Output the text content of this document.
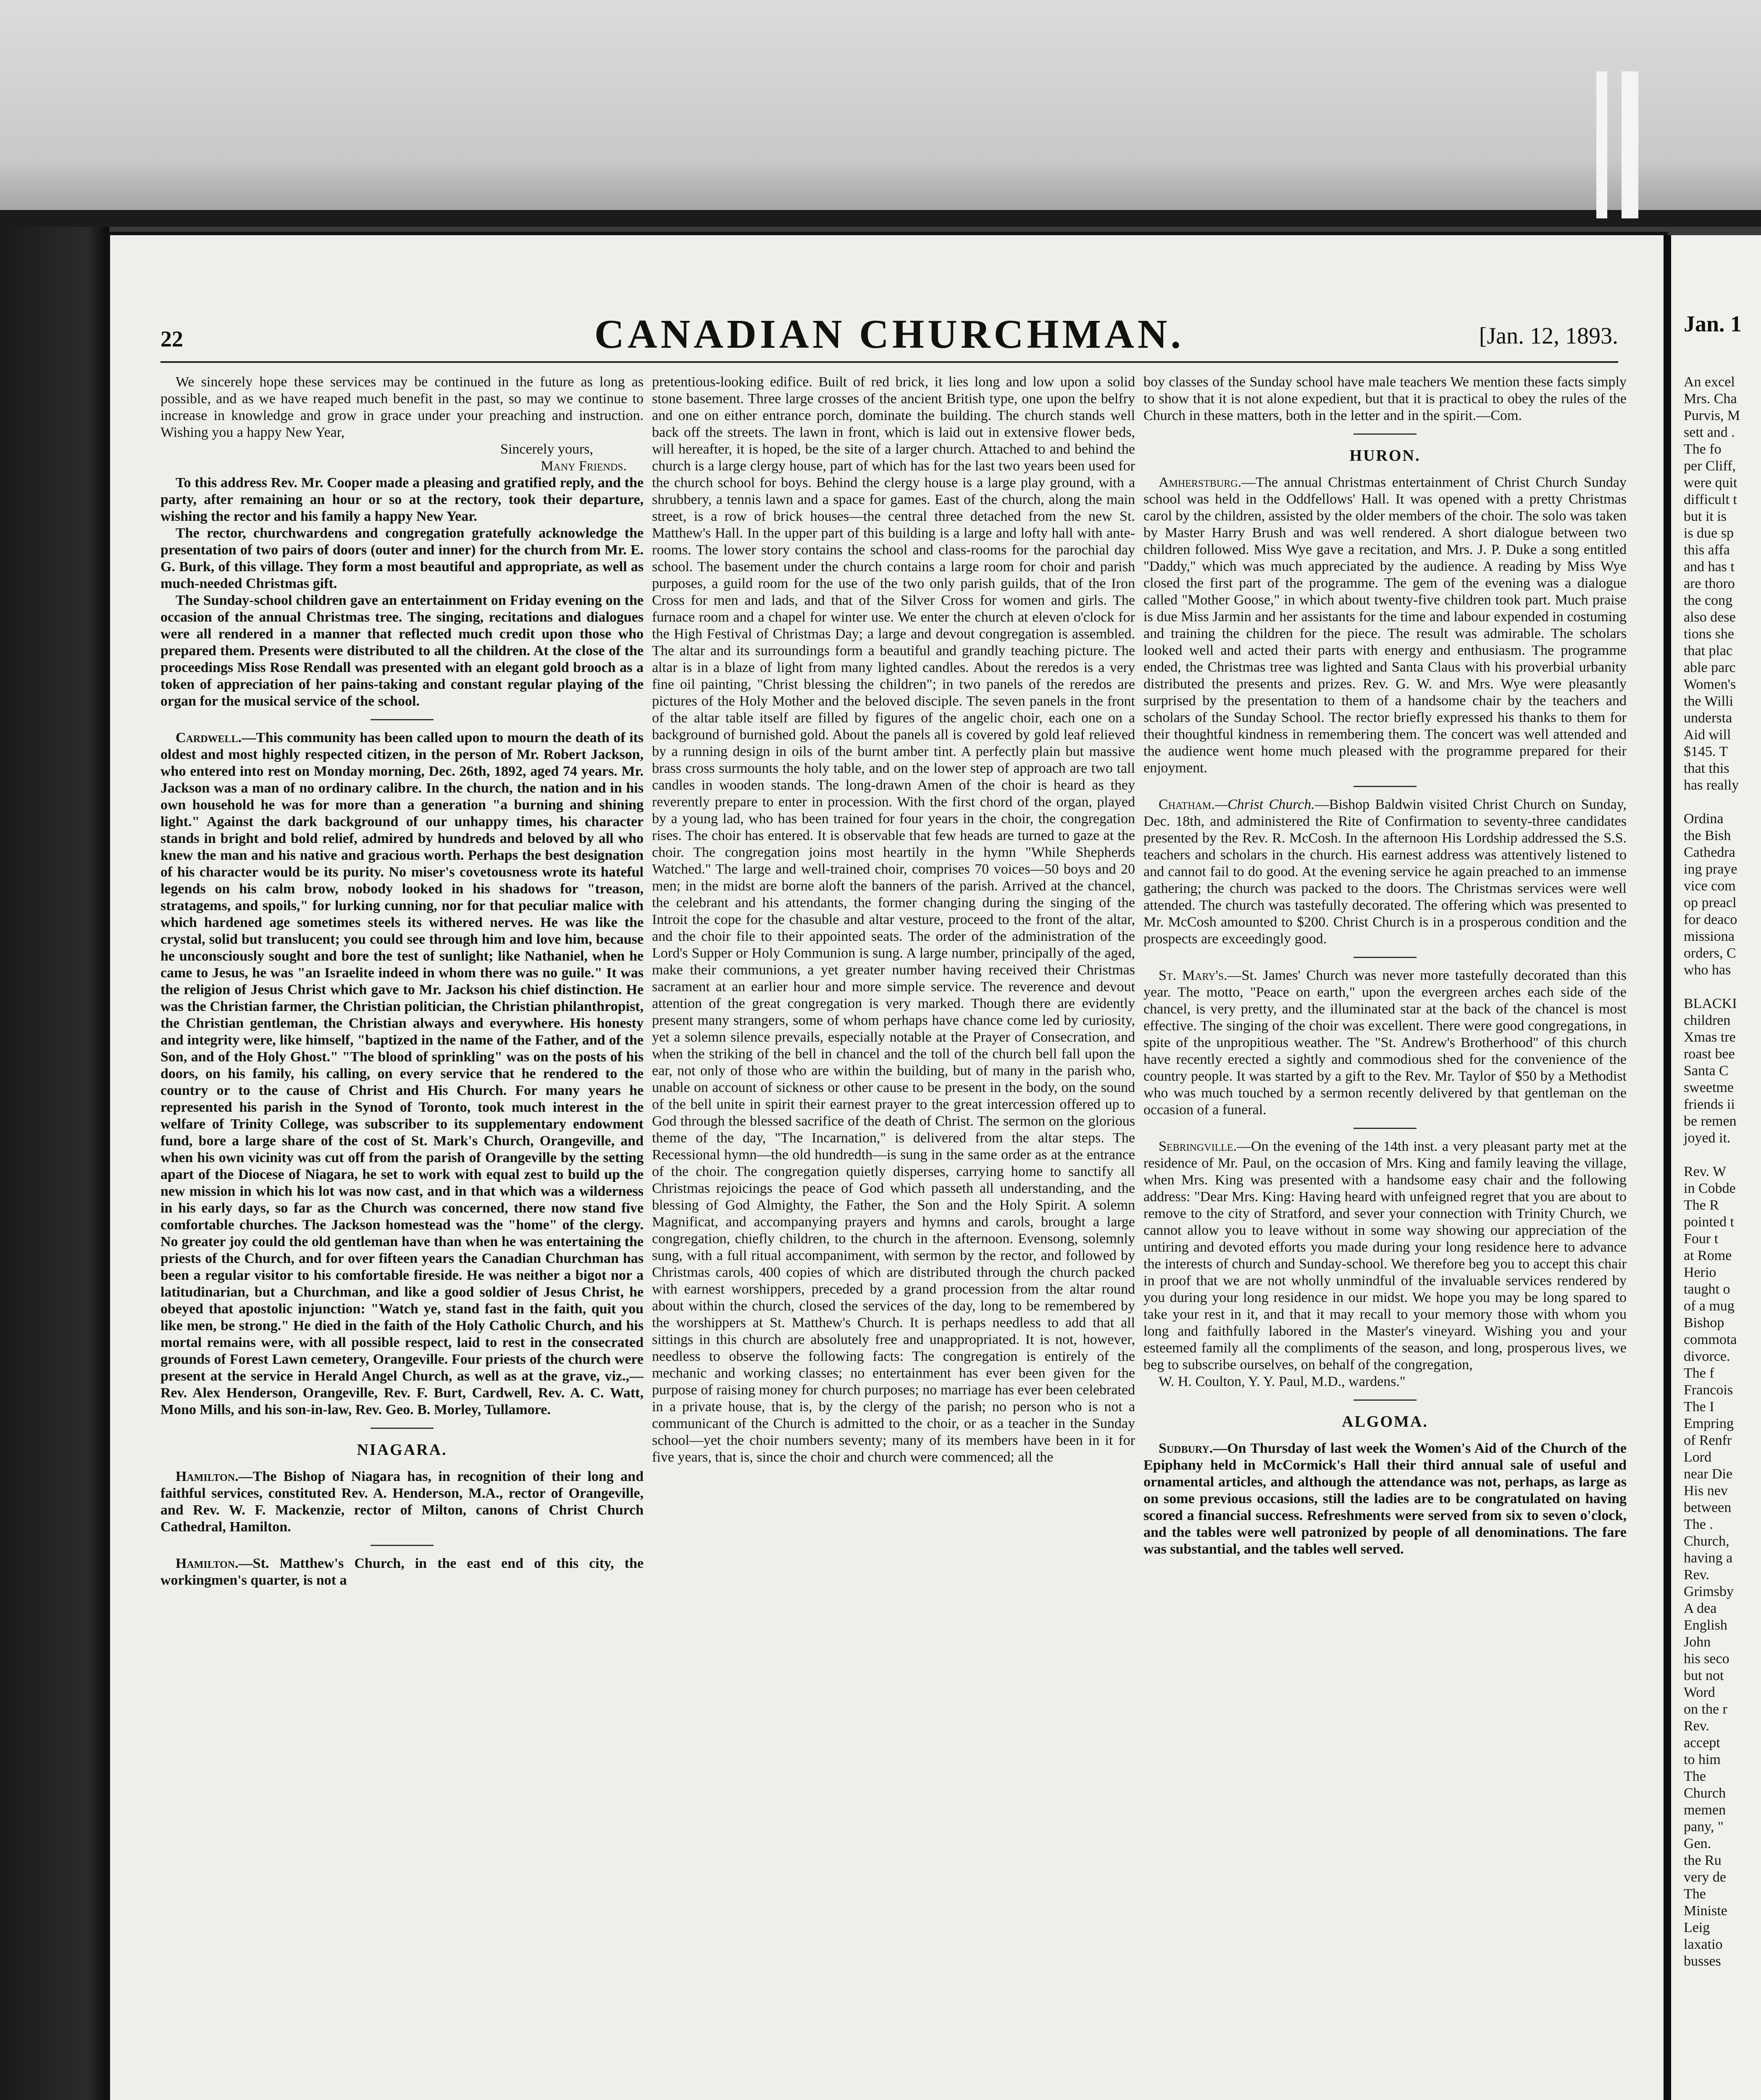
22	CANADIAN CHURCHMAN.	[Jan. 12, 1893.

We sincerely hope these services may be continued in the future as long as possible, and as we have reaped much benefit in the past, so may we continue to increase in knowledge and grow in grace under your preaching and instruction. Wishing you a happy New Year,

Sincerely yours,

Many Friends.

To this address Rev. Mr. Cooper made a pleasing and gratified reply, and the party, after remaining an hour or so at the rectory, took their departure, wishing the rector and his family a happy New Year.

The rector, churchwardens and congregation gratefully acknowledge the presentation of two pairs of doors (outer and inner) for the church from Mr. E. G. Burk, of this village. They form a most beautiful and appropriate, as well as much-needed Christmas gift.

The Sunday-school children gave an entertainment on Friday evening on the occasion of the annual Christmas tree. The singing, recitations and dialogues were all rendered in a manner that reflected much credit upon those who prepared them. Presents were distributed to all the children. At the close of the proceedings Miss Rose Rendall was presented with an elegant gold brooch as a token of appreciation of her pains-taking and constant regular playing of the organ for the musical service of the school.

Cardwell.—This community has been called upon to mourn the death of its oldest and most highly respected citizen, in the person of Mr. Robert Jackson, who entered into rest on Monday morning, Dec. 26th, 1892, aged 74 years. Mr. Jackson was a man of no ordinary calibre. In the church, the nation and in his own household he was for more than a generation "a burning and shining light." Against the dark background of our unhappy times, his character stands in bright and bold relief, admired by hundreds and beloved by all who knew the man and his native and gracious worth. Perhaps the best designation of his character would be its purity. No miser's covetousness wrote its hateful legends on his calm brow, nobody looked in his shadows for "treason, stratagems, and spoils," for lurking cunning, nor for that peculiar malice with which hardened age sometimes steels its withered nerves. He was like the crystal, solid but translucent; you could see through him and love him, because he unconsciously sought and bore the test of sunlight; like Nathaniel, when he came to Jesus, he was "an Israelite indeed in whom there was no guile." It was the religion of Jesus Christ which gave to Mr. Jackson his chief distinction. He was the Christian farmer, the Christian politician, the Christian philanthropist, the Christian gentleman, the Christian always and everywhere. His honesty and integrity were, like himself, "baptized in the name of the Father, and of the Son, and of the Holy Ghost." "The blood of sprinkling" was on the posts of his doors, on his family, his calling, on every service that he rendered to the country or to the cause of Christ and His Church. For many years he represented his parish in the Synod of Toronto, took much interest in the welfare of Trinity College, was subscriber to its supplementary endowment fund, bore a large share of the cost of St. Mark's Church, Orangeville, and when his own vicinity was cut off from the parish of Orangeville by the setting apart of the Diocese of Niagara, he set to work with equal zest to build up the new mission in which his lot was now cast, and in that which was a wilderness in his early days, so far as the Church was concerned, there now stand five comfortable churches. The Jackson homestead was the "home" of the clergy. No greater joy could the old gentleman have than when he was entertaining the priests of the Church, and for over fifteen years the Canadian Churchman has been a regular visitor to his comfortable fireside. He was neither a bigot nor a latitudinarian, but a Churchman, and like a good soldier of Jesus Christ, he obeyed that apostolic injunction: "Watch ye, stand fast in the faith, quit you like men, be strong." He died in the faith of the Holy Catholic Church, and his mortal remains were, with all possible respect, laid to rest in the consecrated grounds of Forest Lawn cemetery, Orangeville. Four priests of the church were present at the service in Herald Angel Church, as well as at the grave, viz.,—Rev. Alex Henderson, Orangeville, Rev. F. Burt, Cardwell, Rev. A. C. Watt, Mono Mills, and his son-in-law, Rev. Geo. B. Morley, Tullamore.

NIAGARA.

Hamilton.—The Bishop of Niagara has, in recognition of their long and faithful services, constituted Rev. A. Henderson, M.A., rector of Orangeville, and Rev. W. F. Mackenzie, rector of Milton, canons of Christ Church Cathedral, Hamilton.

Hamilton.—St. Matthew's Church, in the east end of this city, the workingmen's quarter, is not a

pretentious-looking edifice. Built of red brick, it lies long and low upon a solid stone basement. Three large crosses of the ancient British type, one upon the belfry and one on either entrance porch, dominate the building. The church stands well back off the streets. The lawn in front, which is laid out in extensive flower beds, will hereafter, it is hoped, be the site of a larger church. Attached to and behind the church is a large clergy house, part of which has for the last two years been used for the church school for boys. Behind the clergy house is a large play ground, with a shrubbery, a tennis lawn and a space for games. East of the church, along the main street, is a row of brick houses—the central three detached from the new St. Matthew's Hall. In the upper part of this building is a large and lofty hall with ante-rooms. The lower story contains the school and class-rooms for the parochial day school. The basement under the church contains a large room for choir and parish purposes, a guild room for the use of the two only parish guilds, that of the Iron Cross for men and lads, and that of the Silver Cross for women and girls. The furnace room and a chapel for winter use. We enter the church at eleven o'clock for the High Festival of Christmas Day; a large and devout congregation is assembled. The altar and its surroundings form a beautiful and grandly teaching picture. The altar is in a blaze of light from many lighted candles. About the reredos is a very fine oil painting, "Christ blessing the children"; in two panels of the reredos are pictures of the Holy Mother and the beloved disciple. The seven panels in the front of the altar table itself are filled by figures of the angelic choir, each one on a background of burnished gold. About the panels all is covered by gold leaf relieved by a running design in oils of the burnt amber tint. A perfectly plain but massive brass cross surmounts the holy table, and on the lower step of approach are two tall candles in wooden stands. The long-drawn Amen of the choir is heard as they reverently prepare to enter in procession. With the first chord of the organ, played by a young lad, who has been trained for four years in the choir, the congregation rises. The choir has entered. It is observable that few heads are turned to gaze at the choir. The congregation joins most heartily in the hymn "While Shepherds Watched." The large and well-trained choir, comprises 70 voices—50 boys and 20 men; in the midst are borne aloft the banners of the parish. Arrived at the chancel, the celebrant and his attendants, the former changing during the singing of the Introit the cope for the chasuble and altar vesture, proceed to the front of the altar, and the choir file to their appointed seats. The order of the administration of the Lord's Supper or Holy Communion is sung. A large number, principally of the aged, make their communions, a yet greater number having received their Christmas sacrament at an earlier hour and more simple service. The reverence and devout attention of the great congregation is very marked. Though there are evidently present many strangers, some of whom perhaps have chance come led by curiosity, yet a solemn silence prevails, especially notable at the Prayer of Consecration, and when the striking of the bell in chancel and the toll of the church bell fall upon the ear, not only of those who are within the building, but of many in the parish who, unable on account of sickness or other cause to be present in the body, on the sound of the bell unite in spirit their earnest prayer to the great intercession offered up to God through the blessed sacrifice of the death of Christ. The sermon on the glorious theme of the day, "The Incarnation," is delivered from the altar steps. The Recessional hymn—the old hundredth—is sung in the same order as at the entrance of the choir. The congregation quietly disperses, carrying home to sanctify all Christmas rejoicings the peace of God which passeth all understanding, and the blessing of God Almighty, the Father, the Son and the Holy Spirit. A solemn Magnificat, and accompanying prayers and hymns and carols, brought a large congregation, chiefly children, to the church in the afternoon. Evensong, solemnly sung, with a full ritual accompaniment, with sermon by the rector, and followed by Christmas carols, 400 copies of which are distributed through the church packed with earnest worshippers, preceded by a grand procession from the altar round about within the church, closed the services of the day, long to be remembered by the worshippers at St. Matthew's Church. It is perhaps needless to add that all sittings in this church are absolutely free and unappropriated. It is not, however, needless to observe the following facts: The congregation is entirely of the mechanic and working classes; no entertainment has ever been given for the purpose of raising money for church purposes; no marriage has ever been celebrated in a private house, that is, by the clergy of the parish; no person who is not a communicant of the Church is admitted to the choir, or as a teacher in the Sunday school—yet the choir numbers seventy; many of its members have been in it for five years, that is, since the choir and church were commenced; all the

boy classes of the Sunday school have male teachers We mention these facts simply to show that it is not alone expedient, but that it is practical to obey the rules of the Church in these matters, both in the letter and in the spirit.—Com.

HURON.

Amherstburg.—The annual Christmas entertainment of Christ Church Sunday school was held in the Oddfellows' Hall. It was opened with a pretty Christmas carol by the children, assisted by the older members of the choir. The solo was taken by Master Harry Brush and was well rendered. A short dialogue between two children followed. Miss Wye gave a recitation, and Mrs. J. P. Duke a song entitled "Daddy," which was much appreciated by the audience. A reading by Miss Wye closed the first part of the programme. The gem of the evening was a dialogue called "Mother Goose," in which about twenty-five children took part. Much praise is due Miss Jarmin and her assistants for the time and labour expended in costuming and training the children for the piece. The result was admirable. The scholars looked well and acted their parts with energy and enthusiasm. The programme ended, the Christmas tree was lighted and Santa Claus with his proverbial urbanity distributed the presents and prizes. Rev. G. W. and Mrs. Wye were pleasantly surprised by the presentation to them of a handsome chair by the teachers and scholars of the Sunday School. The rector briefly expressed his thanks to them for their thoughtful kindness in remembering them. The concert was well attended and the audience went home much pleased with the programme prepared for their enjoyment.

Chatham.—Christ Church.—Bishop Baldwin visited Christ Church on Sunday, Dec. 18th, and administered the Rite of Confirmation to seventy-three candidates presented by the Rev. R. McCosh. In the afternoon His Lordship addressed the S.S. teachers and scholars in the church. His earnest address was attentively listened to and cannot fail to do good. At the evening service he again preached to an immense gathering; the church was packed to the doors. The Christmas services were well attended. The church was tastefully decorated. The offering which was presented to Mr. McCosh amounted to $200. Christ Church is in a prosperous condition and the prospects are exceedingly good.

St. Mary's.—St. James' Church was never more tastefully decorated than this year. The motto, "Peace on earth," upon the evergreen arches each side of the chancel, is very pretty, and the illuminated star at the back of the chancel is most effective. The singing of the choir was excellent. There were good congregations, in spite of the unpropitious weather. The "St. Andrew's Brotherhood" of this church have recently erected a sightly and commodious shed for the convenience of the country people. It was started by a gift to the Rev. Mr. Taylor of $50 by a Methodist who was much touched by a sermon recently delivered by that gentleman on the occasion of a funeral.

Sebringville.—On the evening of the 14th inst. a very pleasant party met at the residence of Mr. Paul, on the occasion of Mrs. King and family leaving the village, when Mrs. King was presented with a handsome easy chair and the following address: "Dear Mrs. King: Having heard with unfeigned regret that you are about to remove to the city of Stratford, and sever your connection with Trinity Church, we cannot allow you to leave without in some way showing our appreciation of the untiring and devoted efforts you made during your long residence here to advance the interests of church and Sunday-school. We therefore beg you to accept this chair in proof that we are not wholly unmindful of the invaluable services rendered by you during your long residence in our midst. We hope you may be long spared to take your rest in it, and that it may recall to your memory those with whom you long and faithfully labored in the Master's vineyard. Wishing you and your esteemed family all the compliments of the season, and long, prosperous lives, we beg to subscribe ourselves, on behalf of the congregation,

W. H. Coulton, Y. Y. Paul, M.D., wardens."

ALGOMA.

Sudbury.—On Thursday of last week the Women's Aid of the Church of the Epiphany held in McCormick's Hall their third annual sale of useful and ornamental articles, and although the attendance was not, perhaps, as large as on some previous occasions, still the ladies are to be congratulated on having scored a financial success. Refreshments were served from six to seven o'clock, and the tables were well patronized by people of all denominations. The fare was substantial, and the tables well served.

Jan. 1

An excel

Mrs. Cha

Purvis, M

sett and .

The fo

per Cliff,

were quit

difficult t

but it is

is due sp

this affa

and has t

are thoro

the cong

also dese

tions she

that plac

able parc

Women's

the Willi

understa

Aid will

$145. T

that this

has really

Ordina

the Bish

Cathedra

ing praye

vice com

op preacl

for deaco

missiona

orders, C

who has

BLACKI

children

Xmas tre

roast bee

Santa C

sweetme

friends ii

be remen

joyed it.

Rev. W

in Cobde

The R

pointed t

Four t

at Rome

Herio

taught o

of a mug

Bishop

commota

divorce.

The f

Francois

The I

Empring

of Renfr

Lord

near Die

His nev

between

The .

Church,

having a

Rev.

Grimsby

A dea

English

John

his seco

but not

Word

on the r

Rev.

accept

to him

The

Church

memen

pany, "

Gen.

the Ru

very de

The

Ministe

Leig

laxatio

busses
